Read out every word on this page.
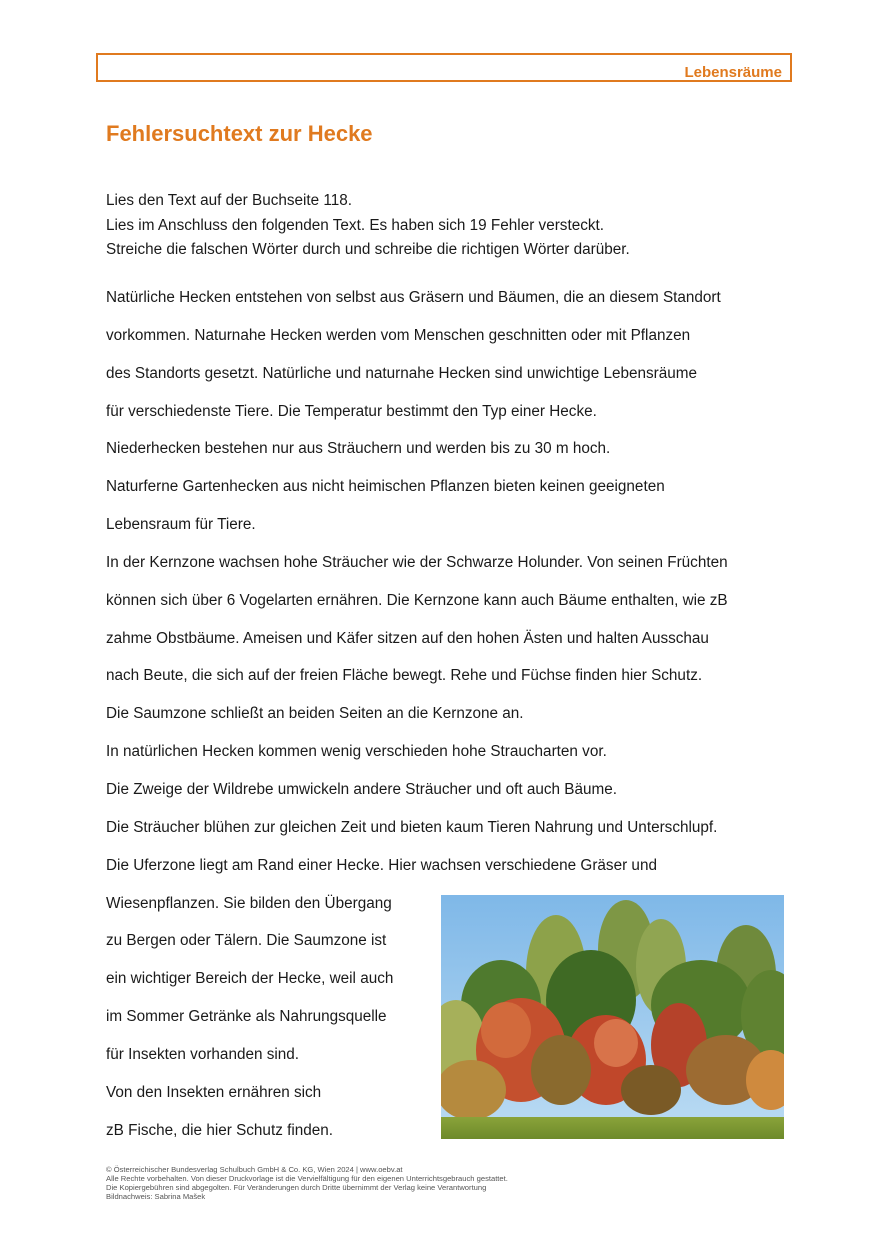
Lebensräume
Fehlersuchtext zur Hecke
Lies den Text auf der Buchseite 118.
Lies im Anschluss den folgenden Text. Es haben sich 19 Fehler versteckt.
Streiche die falschen Wörter durch und schreibe die richtigen Wörter darüber.
Natürliche Hecken entstehen von selbst aus Gräsern und Bäumen, die an diesem Standort
vorkommen. Naturnahe Hecken werden vom Menschen geschnitten oder mit Pflanzen
des Standorts gesetzt. Natürliche und naturnahe Hecken sind unwichtige Lebensräume
für verschiedenste Tiere. Die Temperatur bestimmt den Typ einer Hecke.
Niederhecken bestehen nur aus Sträuchern und werden bis zu 30 m hoch.
Naturferne Gartenhecken aus nicht heimischen Pflanzen bieten keinen geeigneten
Lebensraum für Tiere.
In der Kernzone wachsen hohe Sträucher wie der Schwarze Holunder. Von seinen Früchten
können sich über 6 Vogelarten ernähren. Die Kernzone kann auch Bäume enthalten, wie zB
zahme Obstbäume. Ameisen und Käfer sitzen auf den hohen Ästen und halten Ausschau
nach Beute, die sich auf der freien Fläche bewegt. Rehe und Füchse finden hier Schutz.
Die Saumzone schließt an beiden Seiten an die Kernzone an.
In natürlichen Hecken kommen wenig verschieden hohe Straucharten vor.
Die Zweige der Wildrebe umwickeln andere Sträucher und oft auch Bäume.
Die Sträucher blühen zur gleichen Zeit und bieten kaum Tieren Nahrung und Unterschlupf.
Die Uferzone liegt am Rand einer Hecke. Hier wachsen verschiedene Gräser und
Wiesenpflanzen. Sie bilden den Übergang
zu Bergen oder Tälern. Die Saumzone ist
ein wichtiger Bereich der Hecke, weil auch
im Sommer Getränke als Nahrungsquelle
für Insekten vorhanden sind.
Von den Insekten ernähren sich
zB Fische, die hier Schutz finden.
© Österreichischer Bundesverlag Schulbuch GmbH & Co. KG, Wien 2024 | www.oebv.at
Alle Rechte vorbehalten. Von dieser Druckvorlage ist die Vervielfältigung für den eigenen Unterrichtsgebrauch gestattet.
Die Kopiergebühren sind abgegolten. Für Veränderungen durch Dritte übernimmt der Verlag keine Verantwortung
Bildnachweis: Sabrina Mašek
